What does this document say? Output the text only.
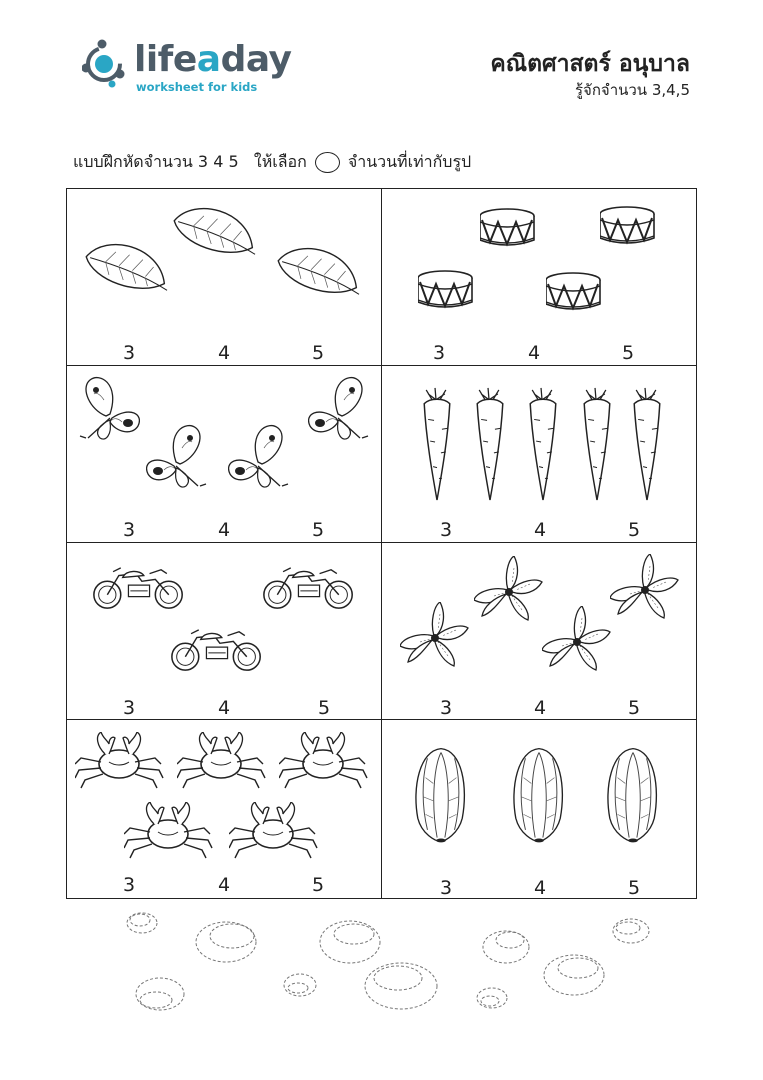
lifeaday
worksheet for kids
คณิตศาสตร์ อนุบาล
รู้จักจำนวน 3,4,5
แบบฝึกหัดจำนวน 3 4 5   ให้เลือก	จำนวนที่เท่ากับรูป
3	4	5	3	4	5
3	4	5	3	4	5
3	4	5	3	4	5
3	4	5	3	4	5
